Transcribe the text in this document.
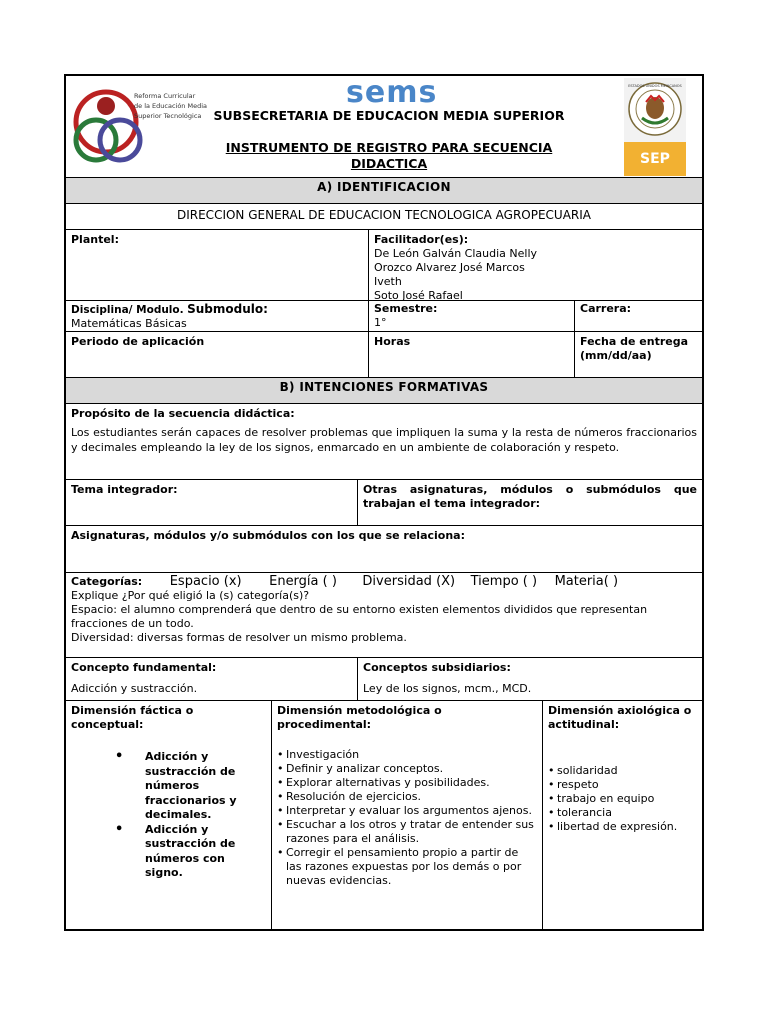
Reforma Curricular
de la Educación Media
Superior Tecnológica
sems
SUBSECRETARIA DE EDUCACION MEDIA SUPERIOR
INSTRUMENTO DE REGISTRO PARA SECUENCIA
DIDACTICA
ESTADOS UNIDOS MEXICANOS
SEP
A) IDENTIFICACION
DIRECCION GENERAL DE EDUCACION TECNOLOGICA AGROPECUARIA
Plantel:	Facilitador(es):
De León Galván Claudia Nelly
Orozco Alvarez José Marcos
Iveth
Soto José Rafael
Disciplina/ Modulo. Submodulo:
Matemáticas Básicas
Semestre:
1°
Carrera:
Periodo de aplicación	Horas	Fecha de entrega
(mm/dd/aa)
B) INTENCIONES FORMATIVAS
Propósito de la secuencia didáctica:
Los estudiantes serán capaces de resolver problemas que impliquen la suma y la resta de números fraccionarios y decimales empleando la ley de los signos, enmarcado en un ambiente de colaboración y respeto.
Tema integrador:	Otras asignaturas, módulos o submódulos que trabajan el tema integrador:
Asignaturas, módulos y/o submódulos con los que se relaciona:
Categorías: Espacio (x) Energía ( ) Diversidad (X) Tiempo ( ) Materia( )
Explique ¿Por qué eligió la (s) categoría(s)?
Espacio: el alumno comprenderá que dentro de su entorno existen elementos divididos que representan fracciones de un todo.
Diversidad: diversas formas de resolver un mismo problema.
Concepto fundamental:
Adicción y sustracción.
Conceptos subsidiarios:
Ley de los signos, mcm., MCD.
Dimensión fáctica o conceptual:
• Adicción y sustracción de números fraccionarios y decimales.
• Adicción y sustracción de números con signo.
Dimensión metodológica o procedimental:
• Investigación
• Definir y analizar conceptos.
• Explorar alternativas y posibilidades.
• Resolución de ejercicios.
• Interpretar y evaluar los argumentos ajenos.
• Escuchar a los otros y tratar de entender sus razones para el análisis.
• Corregir el pensamiento propio a partir de las razones expuestas por los demás o por nuevas evidencias.
Dimensión axiológica o actitudinal:
• solidaridad
• respeto
• trabajo en equipo
• tolerancia
• libertad de expresión.
